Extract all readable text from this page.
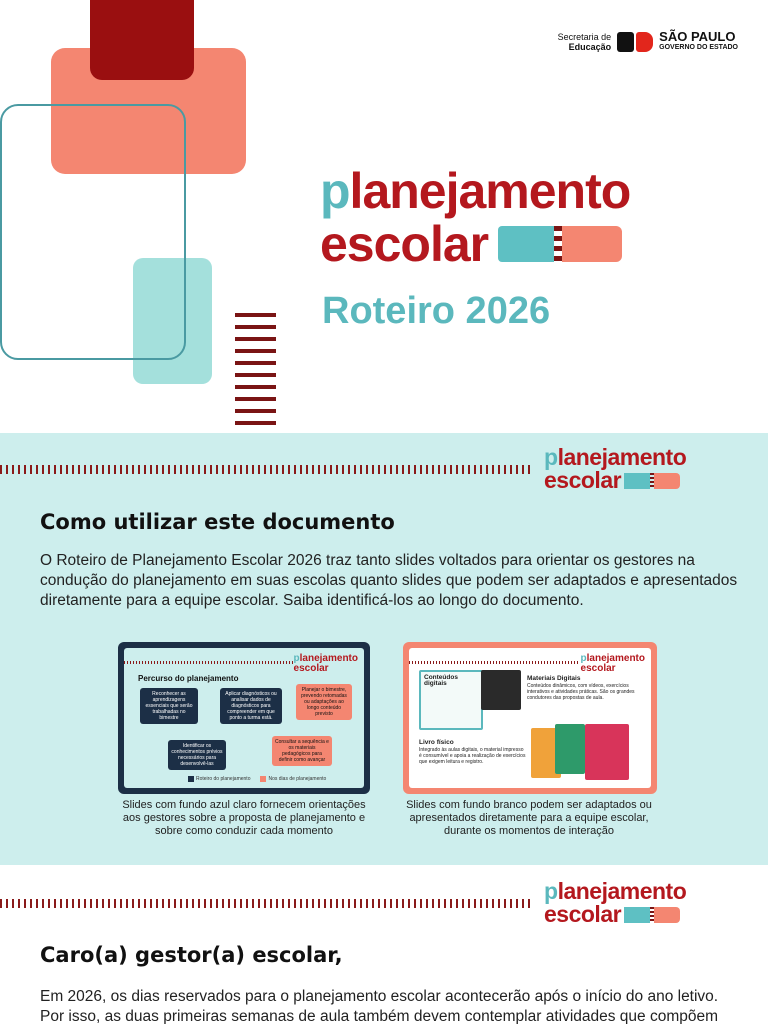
Secretaria de
Educação
SÃO PAULO
GOVERNO DO ESTADO
planejamento
escolar
Roteiro 2026
planejamento
escolar
Como utilizar este documento
O Roteiro de Planejamento Escolar 2026 traz tanto slides voltados para orientar os gestores na condução do planejamento em suas escolas quanto slides que podem ser adaptados e apresentados diretamente para a equipe escolar. Saiba identificá-los ao longo do documento.
planejamento
escolar
Percurso do planejamento
Reconhecer as aprendizagens essenciais que serão trabalhadas no bimestre
Aplicar diagnósticos ou analisar dados de diagnósticos para compreender em que ponto a turma está.
Planejar o bimestre, prevendo retomadas ou adaptações ao longo conteúdo previsto
Identificar os conhecimentos prévios necessários para desenvolvê-las
Consultar a sequência e os materiais pedagógicos para definir como avançar
Roteiro do planejamento	Nos dias de planejamento
planejamento
escolar
Conteúdos digitais
Materiais Digitais
Conteúdos dinâmicos, com vídeos, exercícios interativos e atividades práticas. São os grandes condutores das propostas de aula.
Livro físico
Integrado às aulas digitais, o material impresso é consumível e apoia a realização de exercícios que exigem leitura e registro.
Slides com fundo azul claro fornecem orientações aos gestores sobre a proposta de planejamento e sobre como conduzir cada momento
Slides com fundo branco podem ser adaptados ou apresentados diretamente para a equipe escolar, durante os momentos de interação
planejamento
escolar
Caro(a) gestor(a) escolar,
Em 2026, os dias reservados para o planejamento escolar acontecerão após o início do ano letivo. Por isso, as duas primeiras semanas de aula também devem contemplar atividades que compõem
